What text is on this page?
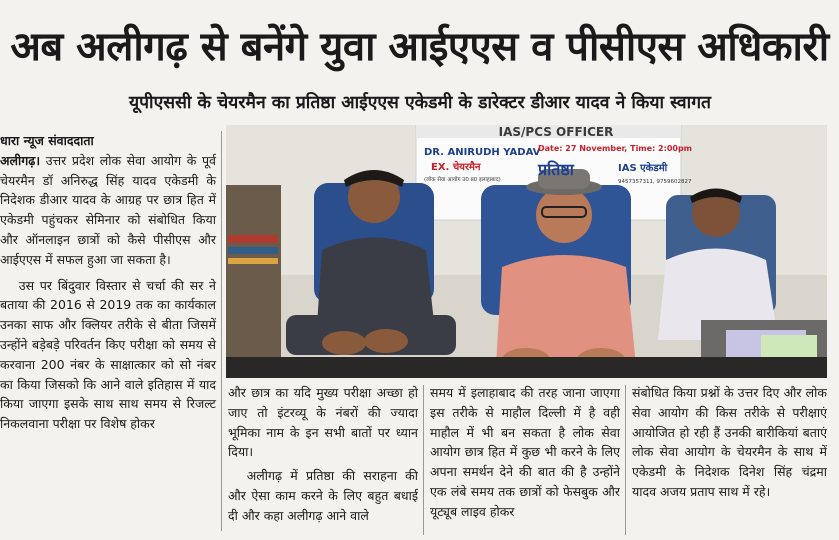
अब अलीगढ़ से बनेंगे युवा आईएएस व पीसीएस अधिकारी
यूपीएससी के चेयरमैन का प्रतिष्ठा आईएएस एकेडमी के डारेक्टर डीआर यादव ने किया स्वागत
धारा न्यूज संवाददाता

अलीगढ़। उत्तर प्रदेश लोक सेवा आयोग के पूर्व चेयरमैन डॉ अनिरुद्ध सिंह यादव एकेडमी के निदेशक डीआर यादव के आग्रह पर छात्र हित में एकेडमी पहुंचकर सेमिनार को संबोधित किया और ऑनलाइन छात्रों को कैसे पीसीएस और आईएएस में सफल हुआ जा सकता है।

उस पर बिंदुवार विस्तार से चर्चा की सर ने बताया की 2016 से 2019 तक का कार्यकाल उनका साफ और क्लियर तरीके से बीता जिसमें उन्होंने बड़ेबड़े परिवर्तन किए परीक्षा को समय से करवाना 200 नंबर के साक्षात्कार को सो नंबर का किया जिसको कि आने वाले इतिहास में याद किया जाएगा इसके साथ साथ समय से रिजल्ट निकलवाना परीक्षा पर विशेष होकर

IAS/PCS OFFICER
DR. ANIRUDH YADAV
EX. चेयरमैन
(लोक सेवा आयोग उ0 प्र0 इलाहाबाद)
Date: 27 November, Time: 2:00pm
प्रतिष्ठा	IAS एकेडमी
9457357311, 9759602827

और छात्र का यदि मुख्य परीक्षा अच्छा हो जाए तो इंटरव्यू के नंबरों की ज्यादा भूमिका नाम के इन सभी बातों पर ध्यान दिया।

अलीगढ़ में प्रतिष्ठा की सराहना की और ऐसा काम करने के लिए बहुत बधाई दी और कहा अलीगढ़ आने वाले

समय में इलाहाबाद की तरह जाना जाएगा इस तरीके से माहौल दिल्ली में है वही माहौल में भी बन सकता है लोक सेवा आयोग छात्र हित में कुछ भी करने के लिए अपना समर्थन देने की बात की है उन्होंने एक लंबे समय तक छात्रों को फेसबुक और यूट्यूब लाइव होकर

संबोधित किया प्रश्नों के उत्तर दिए और लोक सेवा आयोग की किस तरीके से परीक्षाएं आयोजित हो रही हैं उनकी बारीकियां बताएं लोक सेवा आयोग के चेयरमैन के साथ में एकेडमी के निदेशक दिनेश सिंह चंद्रमा यादव अजय प्रताप साथ में रहे।
